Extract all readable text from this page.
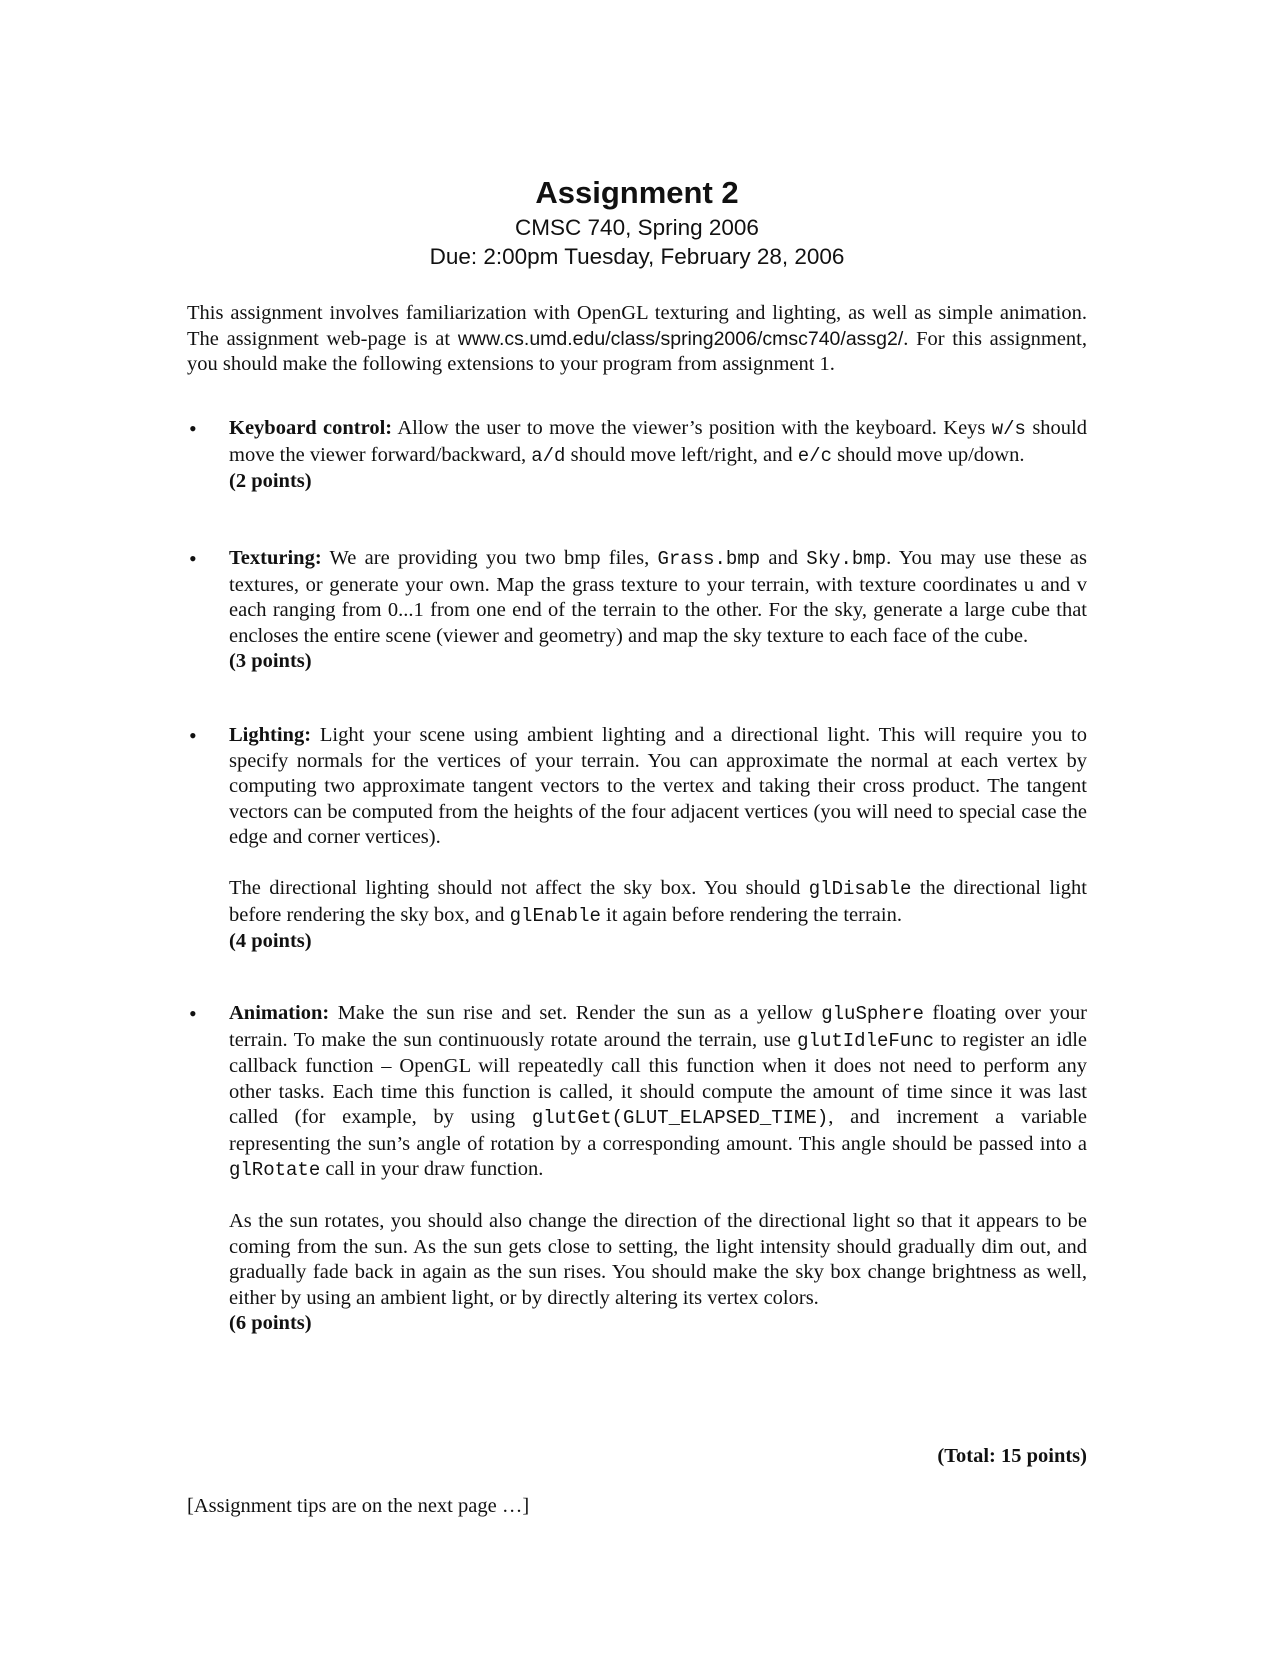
Assignment 2

CMSC 740, Spring 2006

Due: 2:00pm Tuesday, February 28, 2006

This assignment involves familiarization with OpenGL texturing and lighting, as well as simple animation. The assignment web-page is at www.cs.umd.edu/class/spring2006/cmsc740/assg2/. For this assignment, you should make the following extensions to your program from assignment 1.

• Keyboard control: Allow the user to move the viewer’s position with the keyboard. Keys w/s should move the viewer forward/backward, a/d should move left/right, and e/c should move up/down.

(2 points)

• Texturing: We are providing you two bmp files, Grass.bmp and Sky.bmp. You may use these as textures, or generate your own. Map the grass texture to your terrain, with texture coordinates u and v each ranging from 0...1 from one end of the terrain to the other. For the sky, generate a large cube that encloses the entire scene (viewer and geometry) and map the sky texture to each face of the cube.

(3 points)

• Lighting: Light your scene using ambient lighting and a directional light. This will require you to specify normals for the vertices of your terrain. You can approximate the normal at each vertex by computing two approximate tangent vectors to the vertex and taking their cross product. The tangent vectors can be computed from the heights of the four adjacent vertices (you will need to special case the edge and corner vertices).

The directional lighting should not affect the sky box. You should glDisable the directional light before rendering the sky box, and glEnable it again before rendering the terrain.

(4 points)

• Animation: Make the sun rise and set. Render the sun as a yellow gluSphere floating over your terrain. To make the sun continuously rotate around the terrain, use glutIdleFunc to register an idle callback function – OpenGL will repeatedly call this function when it does not need to perform any other tasks. Each time this function is called, it should compute the amount of time since it was last called (for example, by using glutGet(GLUT_ELAPSED_TIME), and increment a variable representing the sun’s angle of rotation by a corresponding amount. This angle should be passed into a glRotate call in your draw function.

As the sun rotates, you should also change the direction of the directional light so that it appears to be coming from the sun. As the sun gets close to setting, the light intensity should gradually dim out, and gradually fade back in again as the sun rises. You should make the sky box change brightness as well, either by using an ambient light, or by directly altering its vertex colors.

(6 points)

(Total: 15 points)

[Assignment tips are on the next page …]
